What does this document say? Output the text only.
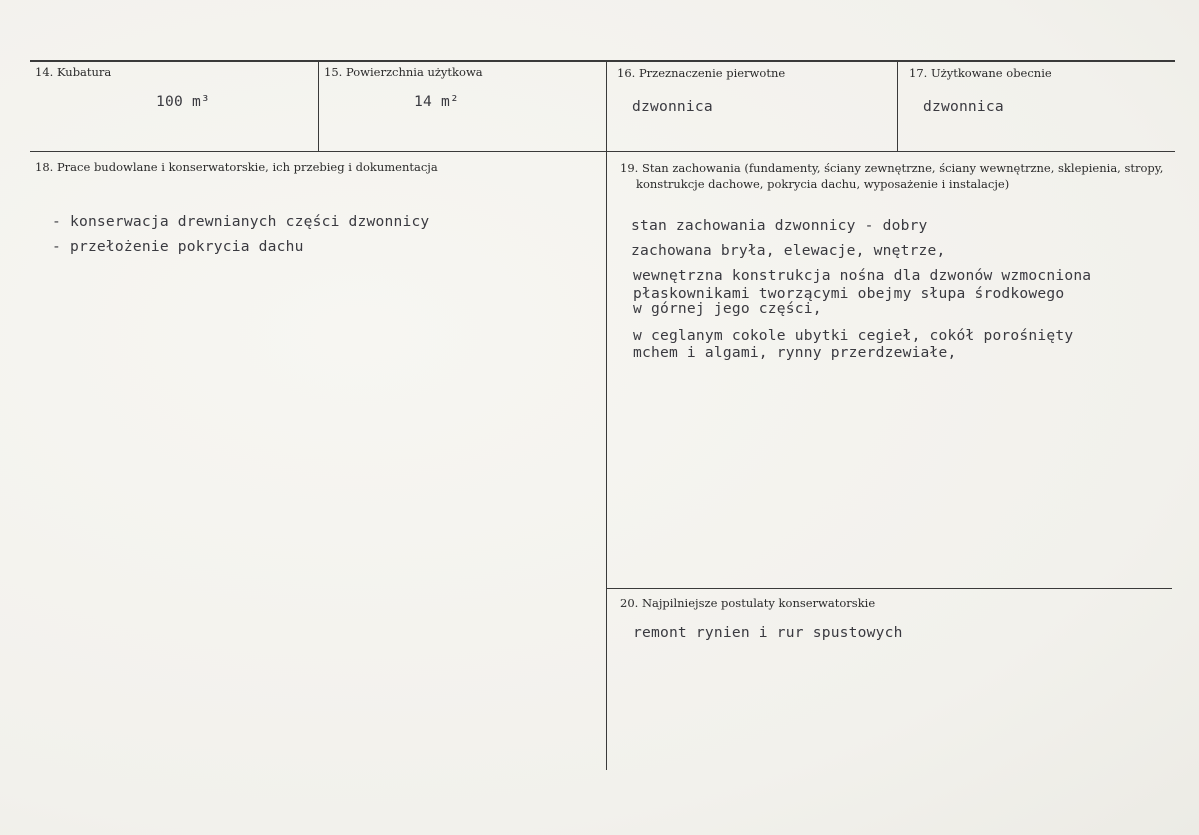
14. Kubatura
100 m³
15. Powierzchnia użytkowa
14 m²
16. Przeznaczenie pierwotne
dzwonnica
17. Użytkowane obecnie
dzwonnica
18. Prace budowlane i konserwatorskie, ich przebieg i dokumentacja
- konserwacja drewnianych części dzwonnicy
- przełożenie pokrycia dachu
19. Stan zachowania (fundamenty, ściany zewnętrzne, ściany wewnętrzne, sklepienia, stropy,
konstrukcje dachowe, pokrycia dachu, wyposażenie i instalacje)
stan zachowania dzwonnicy - dobry
zachowana bryła, elewacje, wnętrze,
wewnętrzna konstrukcja nośna dla dzwonów wzmocniona
płaskownikami tworzącymi obejmy słupa środkowego
w górnej jego części,
w ceglanym cokole ubytki cegieł, cokół porośnięty
mchem i algami, rynny przerdzewiałe,
20. Najpilniejsze postulaty konserwatorskie
remont rynien i rur spustowych
